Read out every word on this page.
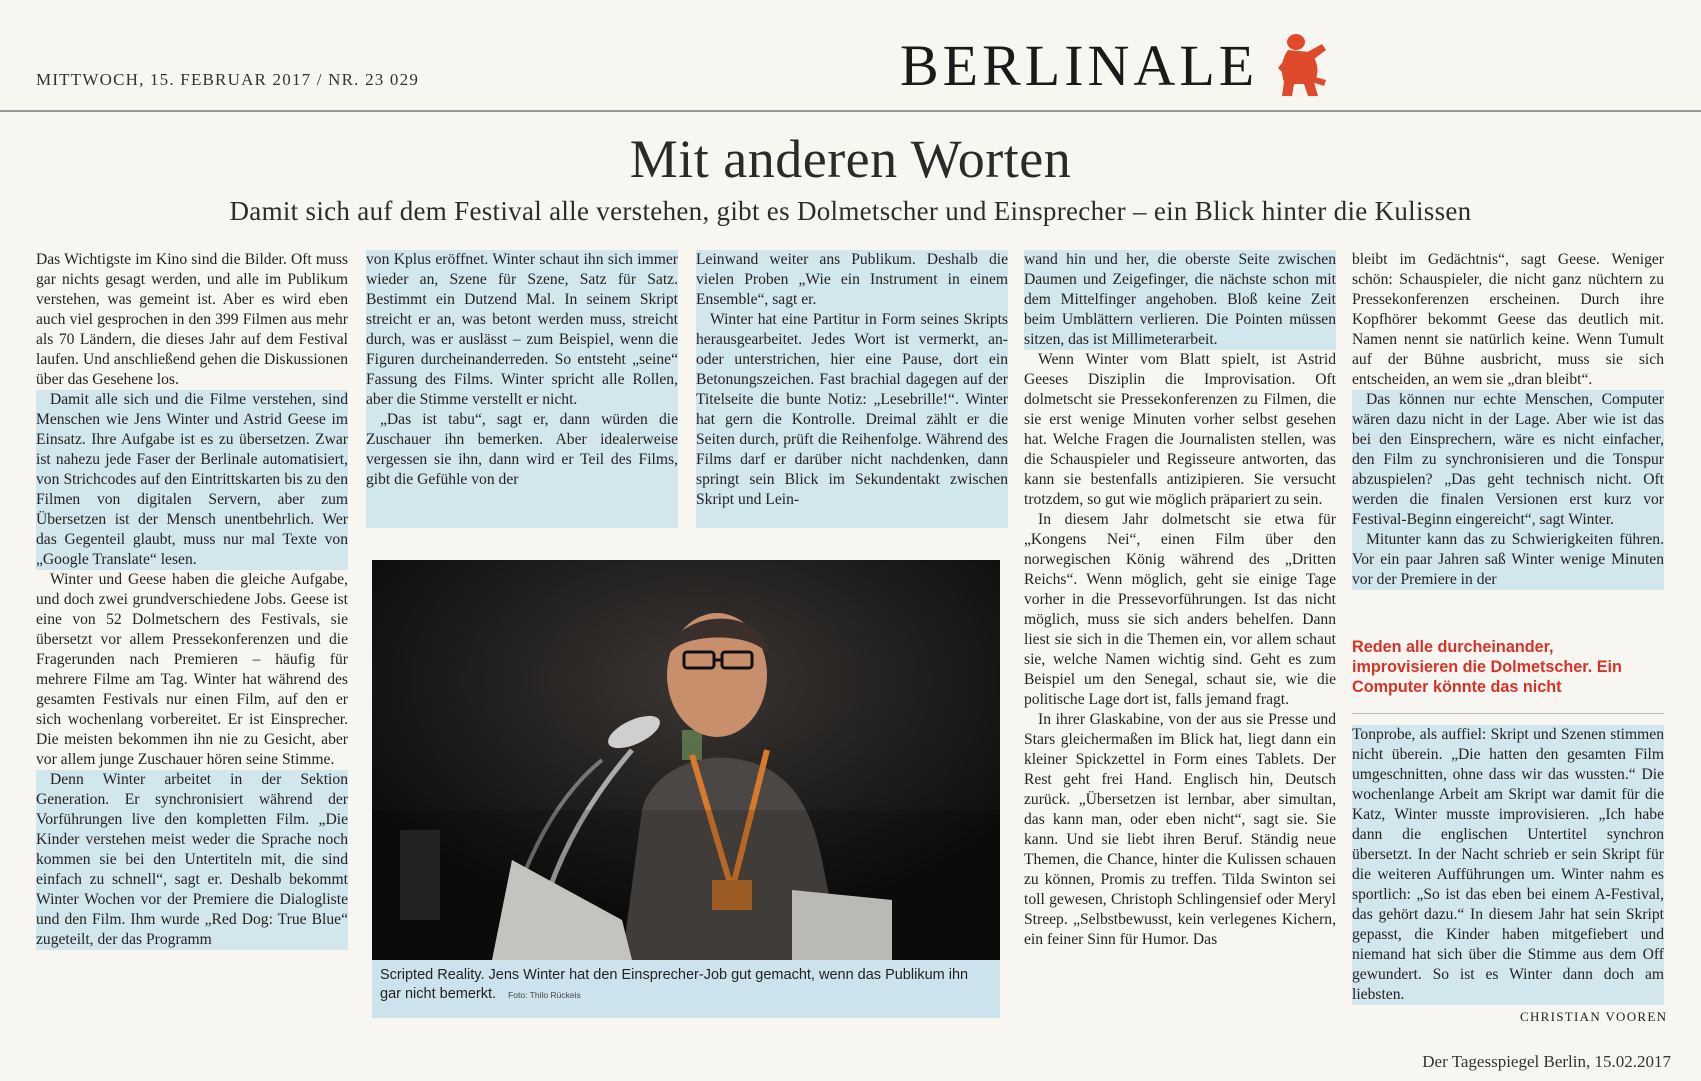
MITTWOCH, 15. FEBRUAR 2017 / NR. 23 029	BERLINALE
Mit anderen Worten
Damit sich auf dem Festival alle verstehen, gibt es Dolmetscher und Einsprecher – ein Blick hinter die Kulissen

Das Wichtigste im Kino sind die Bilder. Oft muss gar nichts gesagt werden, und alle im Publikum verstehen, was gemeint ist. Aber es wird eben auch viel gesprochen in den 399 Filmen aus mehr als 70 Ländern, die dieses Jahr auf dem Festival laufen. Und anschließend gehen die Diskussionen über das Gesehene los.

Damit alle sich und die Filme verstehen, sind Menschen wie Jens Winter und Astrid Geese im Einsatz. Ihre Aufgabe ist es zu übersetzen. Zwar ist nahezu jede Faser der Berlinale automatisiert, von Strichcodes auf den Eintrittskarten bis zu den Filmen von digitalen Servern, aber zum Übersetzen ist der Mensch unentbehrlich. Wer das Gegenteil glaubt, muss nur mal Texte von „Google Translate“ lesen.

Winter und Geese haben die gleiche Aufgabe, und doch zwei grundverschiedene Jobs. Geese ist eine von 52 Dolmetschern des Festivals, sie übersetzt vor allem Pressekonferenzen und die Fragerunden nach Premieren – häufig für mehrere Filme am Tag. Winter hat während des gesamten Festivals nur einen Film, auf den er sich wochenlang vorbereitet. Er ist Einsprecher. Die meisten bekommen ihn nie zu Gesicht, aber vor allem junge Zuschauer hören seine Stimme.

Denn Winter arbeitet in der Sektion Generation. Er synchronisiert während der Vorführungen live den kompletten Film. „Die Kinder verstehen meist weder die Sprache noch kommen sie bei den Untertiteln mit, die sind einfach zu schnell“, sagt er. Deshalb bekommt Winter Wochen vor der Premiere die Dialogliste und den Film. Ihm wurde „Red Dog: True Blue“ zugeteilt, der das Programm

von Kplus eröffnet. Winter schaut ihn sich immer wieder an, Szene für Szene, Satz für Satz. Bestimmt ein Dutzend Mal. In seinem Skript streicht er an, was betont werden muss, streicht durch, was er auslässt – zum Beispiel, wenn die Figuren durcheinanderreden. So entsteht „seine“ Fassung des Films. Winter spricht alle Rollen, aber die Stimme verstellt er nicht.

„Das ist tabu“, sagt er, dann würden die Zuschauer ihn bemerken. Aber idealerweise vergessen sie ihn, dann wird er Teil des Films, gibt die Gefühle von der

Leinwand weiter ans Publikum. Deshalb die vielen Proben „Wie ein Instrument in einem Ensemble“, sagt er.

Winter hat eine Partitur in Form seines Skripts herausgearbeitet. Jedes Wort ist vermerkt, an- oder unterstrichen, hier eine Pause, dort ein Betonungszeichen. Fast brachial dagegen auf der Titelseite die bunte Notiz: „Lesebrille!“. Winter hat gern die Kontrolle. Dreimal zählt er die Seiten durch, prüft die Reihenfolge. Während des Films darf er darüber nicht nachdenken, dann springt sein Blick im Sekundentakt zwischen Skript und Lein-

Scripted Reality. Jens Winter hat den Einsprecher-Job gut gemacht, wenn das Publikum ihn gar nicht bemerkt. Foto: Thilo Rückeis

wand hin und her, die oberste Seite zwischen Daumen und Zeigefinger, die nächste schon mit dem Mittelfinger angehoben. Bloß keine Zeit beim Umblättern verlieren. Die Pointen müssen sitzen, das ist Millimeterarbeit.

Wenn Winter vom Blatt spielt, ist Astrid Geeses Disziplin die Improvisation. Oft dolmetscht sie Pressekonferenzen zu Filmen, die sie erst wenige Minuten vorher selbst gesehen hat. Welche Fragen die Journalisten stellen, was die Schauspieler und Regisseure antworten, das kann sie bestenfalls antizipieren. Sie versucht trotzdem, so gut wie möglich präpariert zu sein.

In diesem Jahr dolmetscht sie etwa für „Kongens Nei“, einen Film über den norwegischen König während des „Dritten Reichs“. Wenn möglich, geht sie einige Tage vorher in die Pressevorführungen. Ist das nicht möglich, muss sie sich anders behelfen. Dann liest sie sich in die Themen ein, vor allem schaut sie, welche Namen wichtig sind. Geht es zum Beispiel um den Senegal, schaut sie, wie die politische Lage dort ist, falls jemand fragt.

In ihrer Glaskabine, von der aus sie Presse und Stars gleichermaßen im Blick hat, liegt dann ein kleiner Spickzettel in Form eines Tablets. Der Rest geht frei Hand. Englisch hin, Deutsch zurück. „Übersetzen ist lernbar, aber simultan, das kann man, oder eben nicht“, sagt sie. Sie kann. Und sie liebt ihren Beruf. Ständig neue Themen, die Chance, hinter die Kulissen schauen zu können, Promis zu treffen. Tilda Swinton sei toll gewesen, Christoph Schlingensief oder Meryl Streep. „Selbstbewusst, kein verlegenes Kichern, ein feiner Sinn für Humor. Das

bleibt im Gedächtnis“, sagt Geese. Weniger schön: Schauspieler, die nicht ganz nüchtern zu Pressekonferenzen erscheinen. Durch ihre Kopfhörer bekommt Geese das deutlich mit. Namen nennt sie natürlich keine. Wenn Tumult auf der Bühne ausbricht, muss sie sich entscheiden, an wem sie „dran bleibt“.

Das können nur echte Menschen, Computer wären dazu nicht in der Lage. Aber wie ist das bei den Einsprechern, wäre es nicht einfacher, den Film zu synchronisieren und die Tonspur abzuspielen? „Das geht technisch nicht. Oft werden die finalen Versionen erst kurz vor Festival-Beginn eingereicht“, sagt Winter.

Mitunter kann das zu Schwierigkeiten führen. Vor ein paar Jahren saß Winter wenige Minuten vor der Premiere in der

Reden alle durcheinander, improvisieren die Dolmetscher. Ein Computer könnte das nicht

Tonprobe, als auffiel: Skript und Szenen stimmen nicht überein. „Die hatten den gesamten Film umgeschnitten, ohne dass wir das wussten.“ Die wochenlange Arbeit am Skript war damit für die Katz, Winter musste improvisieren. „Ich habe dann die englischen Untertitel synchron übersetzt. In der Nacht schrieb er sein Skript für die weiteren Aufführungen um. Winter nahm es sportlich: „So ist das eben bei einem A-Festival, das gehört dazu.“ In diesem Jahr hat sein Skript gepasst, die Kinder haben mitgefiebert und niemand hat sich über die Stimme aus dem Off gewundert. So ist es Winter dann doch am liebsten.

CHRISTIAN VOOREN
Der Tagesspiegel Berlin, 15.02.2017
